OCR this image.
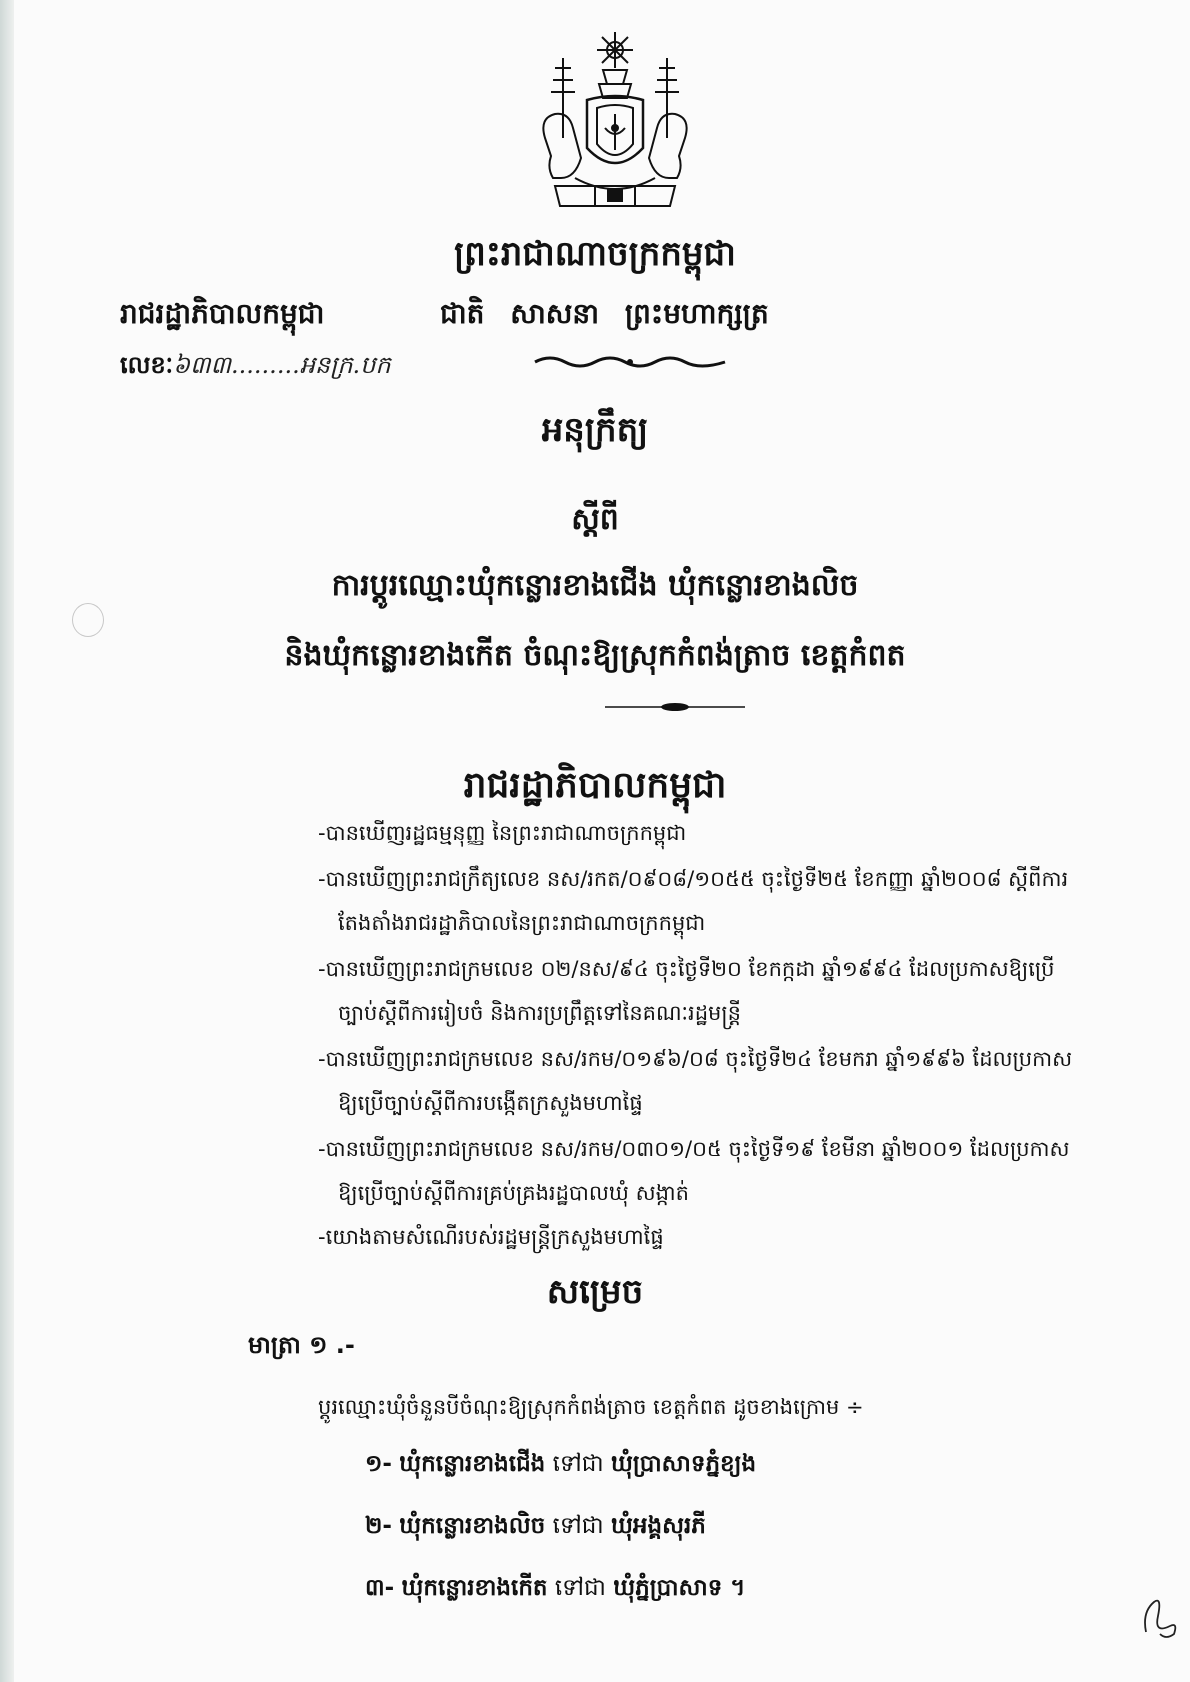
ព្រះរាជាណាចក្រកម្ពុជា
រាជរដ្ឋាភិបាលកម្ពុជា	ជាតិ សាសនា ព្រះមហាក្សត្រ
លេខៈ៦៣៣.........អនក្រ.បក
អនុក្រឹត្យ
ស្តីពី
ការប្តូរឈ្មោះឃុំកន្លោរខាងជើង ឃុំកន្លោរខាងលិច
និងឃុំកន្លោរខាងកើត ចំណុះឱ្យស្រុកកំពង់ត្រាច ខេត្តកំពត
រាជរដ្ឋាភិបាលកម្ពុជា
-បានឃើញរដ្ឋធម្មនុញ្ញ នៃព្រះរាជាណាចក្រកម្ពុជា
-បានឃើញព្រះរាជក្រឹត្យលេខ នស/រកត/០៩០៨/១០៥៥ ចុះថ្ងៃទី២៥ ខែកញ្ញា ឆ្នាំ២០០៨ ស្តីពីការ
តែងតាំងរាជរដ្ឋាភិបាលនៃព្រះរាជាណាចក្រកម្ពុជា
-បានឃើញព្រះរាជក្រមលេខ ០២/នស/៩៤ ចុះថ្ងៃទី២០ ខែកក្កដា ឆ្នាំ១៩៩៤ ដែលប្រកាសឱ្យប្រើ
ច្បាប់ស្តីពីការរៀបចំ និងការប្រព្រឹត្តទៅនៃគណៈរដ្ឋមន្ត្រី
-បានឃើញព្រះរាជក្រមលេខ នស/រកម/០១៩៦/០៨ ចុះថ្ងៃទី២៤ ខែមករា ឆ្នាំ១៩៩៦ ដែលប្រកាស
ឱ្យប្រើច្បាប់ស្តីពីការបង្កើតក្រសួងមហាផ្ទៃ
-បានឃើញព្រះរាជក្រមលេខ នស/រកម/០៣០១/០៥ ចុះថ្ងៃទី១៩ ខែមីនា ឆ្នាំ២០០១ ដែលប្រកាស
ឱ្យប្រើច្បាប់ស្តីពីការគ្រប់គ្រងរដ្ឋបាលឃុំ សង្កាត់
-យោងតាមសំណើរបស់រដ្ឋមន្ត្រីក្រសួងមហាផ្ទៃ
សម្រេច
មាត្រា ១ .-
ប្តូរឈ្មោះឃុំចំនួនបីចំណុះឱ្យស្រុកកំពង់ត្រាច ខេត្តកំពត ដូចខាងក្រោម ÷
១- ឃុំកន្លោរខាងជើង ទៅជា ឃុំប្រាសាទភ្នំខ្យង
២- ឃុំកន្លោរខាងលិច ទៅជា ឃុំអង្គសុរភី
៣- ឃុំកន្លោរខាងកើត ទៅជា ឃុំភ្នំប្រាសាទ ។
